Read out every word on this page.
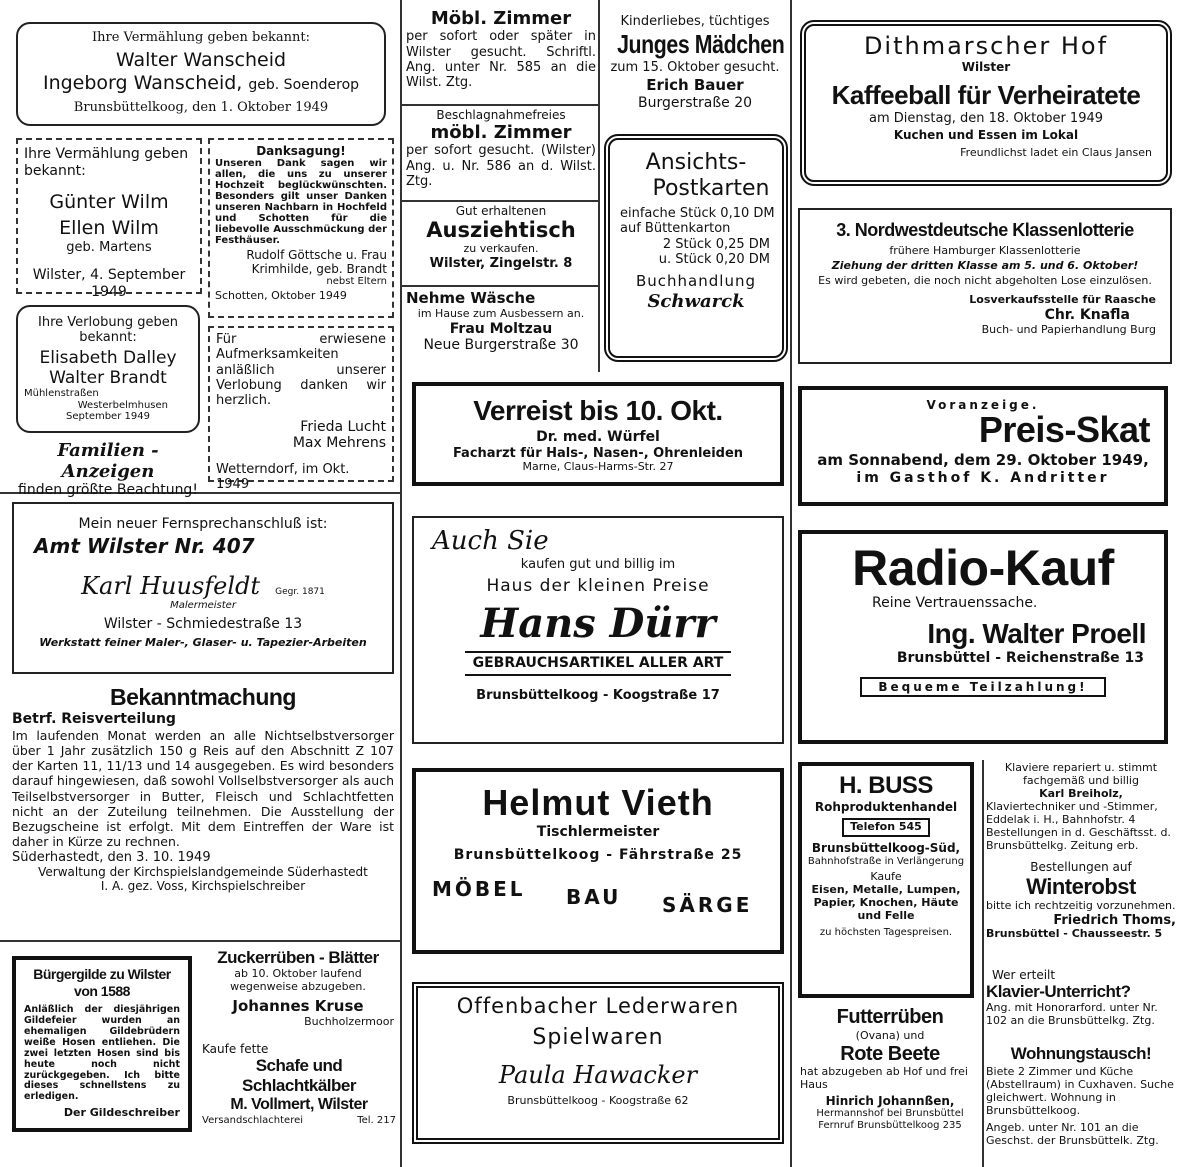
Ihre Vermählung geben bekannt:
Walter Wanscheid
Ingeborg Wanscheid, geb. Soenderop
Brunsbüttelkoog, den 1. Oktober 1949
Ihre Vermählung geben
bekannt:
Günter Wilm
Ellen Wilm
geb. Martens
Wilster, 4. September 1949
Danksagung!
Unseren Dank sagen wir allen, die uns zu unserer Hochzeit beglückwünschten. Besonders gilt unser Danken unseren Nachbarn in Hochfeld und Schotten für die liebevolle Ausschmückung der Festhäuser.
Rudolf Göttsche u. Frau
Krimhilde, geb. Brandt
nebst Eltern
Schotten, Oktober 1949
Ihre Verlobung geben
bekannt:
Elisabeth Dalley
Walter Brandt
Mühlenstraßen
Westerbelmhusen
September 1949
Für erwiesene Aufmerksamkeiten anläßlich unserer Verlobung danken wir herzlich.
Frieda Lucht
Max Mehrens
Wetterndorf, im Okt. 1949
Familien - Anzeigen
finden größte Beachtung!
Möbl. Zimmer
per sofort oder später in Wilster gesucht. Schriftl. Ang. unter Nr. 585 an die Wilst. Ztg.
Beschlagnahmefreies
möbl. Zimmer
per sofort gesucht. (Wilster) Ang. u. Nr. 586 an d. Wilst. Ztg.
Gut erhaltenen
Ausziehtisch
zu verkaufen.
Wilster, Zingelstr. 8
Nehme Wäsche
im Hause zum Ausbessern an.
Frau Moltzau
Neue Burgerstraße 30
Kinderliebes, tüchtiges
Junges Mädchen
zum 15. Oktober gesucht.
Erich Bauer
Burgerstraße 20
Ansichts-
Postkarten
einfache Stück 0,10 DM
auf Büttenkarton
2 Stück 0,25 DM
u. Stück 0,20 DM
Buchhandlung
Schwarck
Dithmarscher Hof
Wilster
Kaffeeball für Verheiratete
am Dienstag, den 18. Oktober 1949
Kuchen und Essen im Lokal
Freundlichst ladet ein Claus Jansen
3. Nordwestdeutsche Klassenlotterie
frühere Hamburger Klassenlotterie
Ziehung der dritten Klasse am 5. und 6. Oktober!
Es wird gebeten, die noch nicht abgeholten Lose einzulösen.
Losverkaufsstelle für Raasche
Chr. Knafla
Buch- und Papierhandlung Burg
Verreist bis 10. Okt.
Dr. med. Würfel
Facharzt für Hals-, Nasen-, Ohrenleiden
Marne, Claus-Harms-Str. 27
Voranzeige.
Preis-Skat
am Sonnabend, dem 29. Oktober 1949,
im Gasthof K. Andritter
Mein neuer Fernsprechanschluß ist:
Amt Wilster Nr. 407
Karl Huusfeldt Gegr. 1871
Malermeister
Wilster - Schmiedestraße 13
Werkstatt feiner Maler-, Glaser- u. Tapezier-Arbeiten
Auch Sie
kaufen gut und billig im
Haus der kleinen Preise
Hans Dürr
GEBRAUCHSARTIKEL ALLER ART
Brunsbüttelkoog - Koogstraße 17
Radio-Kauf
Reine Vertrauenssache.
Ing. Walter Proell
Brunsbüttel - Reichenstraße 13
Bequeme Teilzahlung!
Bekanntmachung
Betrf. Reisverteilung
Im laufenden Monat werden an alle Nichtselbstversorger über 1 Jahr zusätzlich 150 g Reis auf den Abschnitt Z 107 der Karten 11, 11/13 und 14 ausgegeben. Es wird besonders darauf hingewiesen, daß sowohl Vollselbstversorger als auch Teilselbstversorger in Butter, Fleisch und Schlachtfetten nicht an der Zuteilung teilnehmen. Die Ausstellung der Bezugscheine ist erfolgt. Mit dem Eintreffen der Ware ist daher in Kürze zu rechnen.
Süderhastedt, den 3. 10. 1949
Verwaltung der Kirchspielslandgemeinde Süderhastedt
I. A. gez. Voss, Kirchspielschreiber
Helmut Vieth
Tischlermeister
Brunsbüttelkoog - Fährstraße 25
MÖBEL BAU SÄRGE
H. BUSS
Rohproduktenhandel
Telefon 545
Brunsbüttelkoog-Süd,
Bahnhofstraße in Verlängerung
Kaufe
Eisen, Metalle, Lumpen, Papier, Knochen, Häute und Felle
zu höchsten Tagespreisen.
Klaviere repariert u. stimmt fachgemäß und billig
Karl Breiholz,
Klaviertechniker und -Stimmer, Eddelak i. H., Bahnhofstr. 4
Bestellungen in d. Geschäftsst. d. Brunsbüttelkg. Zeitung erb.
Bestellungen auf
Winterobst
bitte ich rechtzeitig vorzunehmen.
Friedrich Thoms,
Brunsbüttel - Chausseestr. 5
Wer erteilt
Klavier-Unterricht?
Ang. mit Honorarford. unter Nr. 102 an die Brunsbüttelkg. Ztg.
Wohnungstausch!
Biete 2 Zimmer und Küche (Abstellraum) in Cuxhaven. Suche gleichwert. Wohnung in Brunsbüttelkoog.
Angeb. unter Nr. 101 an die Geschst. der Brunsbüttelk. Ztg.
Bürgergilde zu Wilster
von 1588
Anläßlich der diesjährigen Gildefeier wurden an ehemaligen Gildebrüdern weiße Hosen entliehen. Die zwei letzten Hosen sind bis heute noch nicht zurückgegeben. Ich bitte dieses schnellstens zu erledigen.
Der Gildeschreiber
Zuckerrüben - Blätter
ab 10. Oktober laufend wegenweise abzugeben.
Johannes Kruse
Buchholzermoor
Kaufe fette
Schafe und
Schlachtkälber
M. Vollmert, Wilster
Versandschlachterei	Tel. 217
Offenbacher Lederwaren
Spielwaren
Paula Hawacker
Brunsbüttelkoog - Koogstraße 62
Futterrüben
(Ovana) und
Rote Beete
hat abzugeben ab Hof und frei Haus
Hinrich Johannßen,
Hermannshof bei Brunsbüttel
Fernruf Brunsbüttelkoog 235
